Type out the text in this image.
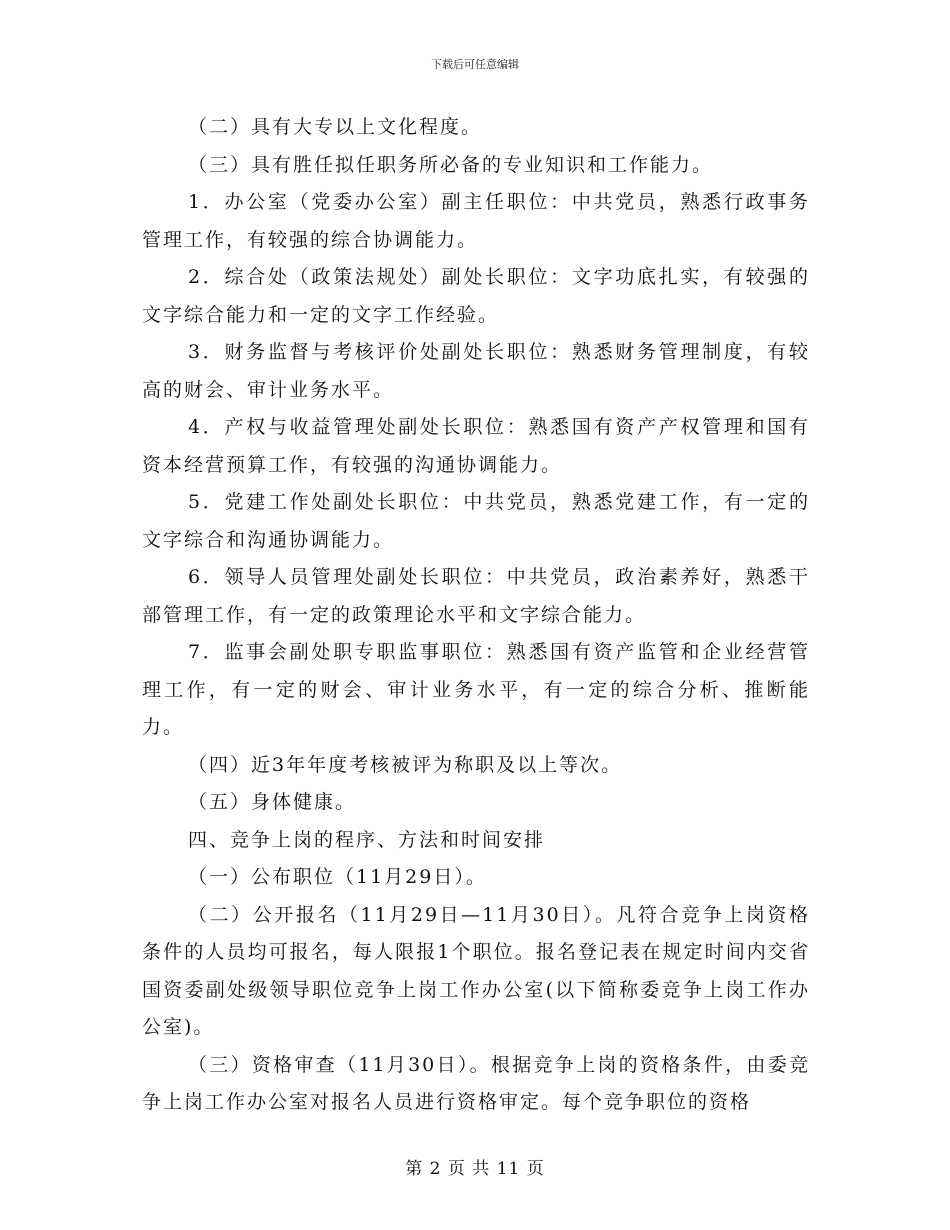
下载后可任意编辑

（二）具有大专以上文化程度。

（三）具有胜任拟任职务所必备的专业知识和工作能力。

1．办公室（党委办公室）副主任职位：中共党员，熟悉行政事务管理工作，有较强的综合协调能力。

2．综合处（政策法规处）副处长职位：文字功底扎实，有较强的文字综合能力和一定的文字工作经验。

3．财务监督与考核评价处副处长职位：熟悉财务管理制度，有较高的财会、审计业务水平。

4．产权与收益管理处副处长职位：熟悉国有资产产权管理和国有资本经营预算工作，有较强的沟通协调能力。

5．党建工作处副处长职位：中共党员，熟悉党建工作，有一定的文字综合和沟通协调能力。

6．领导人员管理处副处长职位：中共党员，政治素养好，熟悉干部管理工作，有一定的政策理论水平和文字综合能力。

7．监事会副处职专职监事职位：熟悉国有资产监管和企业经营管理工作，有一定的财会、审计业务水平，有一定的综合分析、推断能力。

（四）近3年年度考核被评为称职及以上等次。

（五）身体健康。

四、竞争上岗的程序、方法和时间安排

（一）公布职位（11月29日）。

（二）公开报名（11月29日—11月30日）。凡符合竞争上岗资格条件的人员均可报名，每人限报1个职位。报名登记表在规定时间内交省国资委副处级领导职位竞争上岗工作办公室(以下简称委竞争上岗工作办公室)。

（三）资格审查（11月30日）。根据竞争上岗的资格条件，由委竞争上岗工作办公室对报名人员进行资格审定。每个竞争职位的资格

第 2 页 共 11 页
